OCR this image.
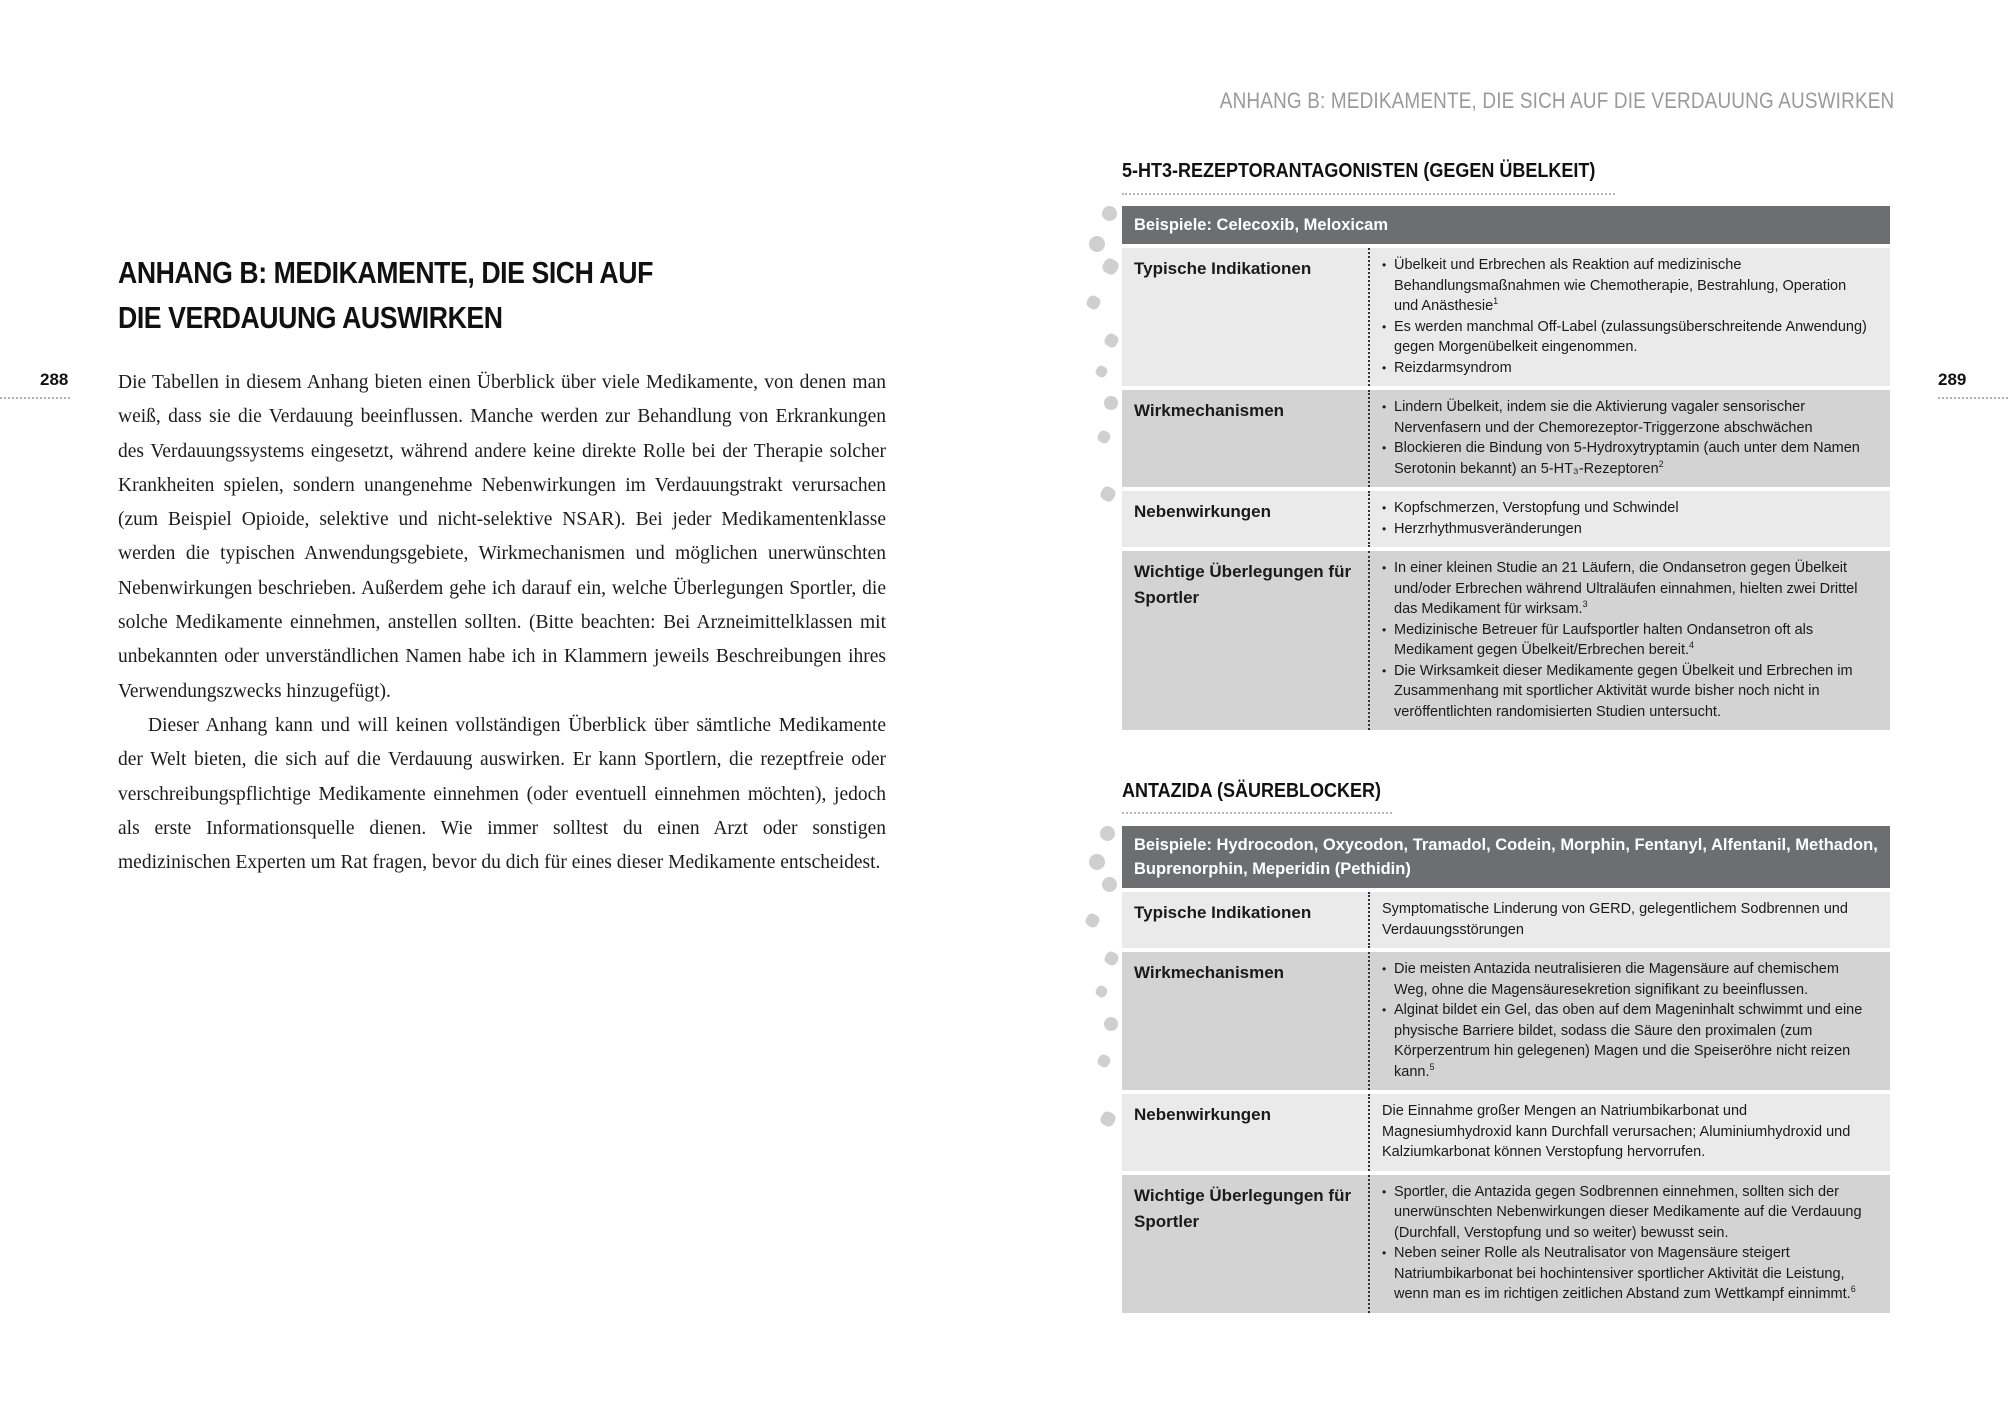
ANHANG B: MEDIKAMENTE, DIE SICH AUF
DIE VERDAUUNG AUSWIRKEN
288	Die Tabellen in diesem Anhang bieten einen Überblick über viele Medikamente, von denen man weiß, dass sie die Verdauung beeinflussen. Manche werden zur Behandlung von Erkrankungen des Verdauungssystems eingesetzt, während andere keine direkte Rolle bei der Therapie solcher Krankheiten spielen, sondern unangenehme Nebenwirkungen im Verdauungstrakt verursachen (zum Beispiel Opioide, selektive und nicht-selektive NSAR). Bei jeder Medikamentenklasse werden die typischen Anwendungsgebiete, Wirkmechanismen und möglichen unerwünschten Nebenwirkungen beschrieben. Außerdem gehe ich darauf ein, welche Überlegungen Sportler, die solche Medikamente einnehmen, anstellen sollten. (Bitte beachten: Bei Arzneimittelklassen mit unbekannten oder unverständlichen Namen habe ich in Klammern jeweils Beschreibungen ihres Verwendungszwecks hinzugefügt).

Dieser Anhang kann und will keinen vollständigen Überblick über sämtliche Medikamente der Welt bieten, die sich auf die Verdauung auswirken. Er kann Sportlern, die rezeptfreie oder verschreibungspflichtige Medikamente einnehmen (oder eventuell einnehmen möchten), jedoch als erste Informationsquelle dienen. Wie immer solltest du einen Arzt oder sonstigen medizinischen Experten um Rat fragen, bevor du dich für eines dieser Medikamente entscheidest.

ANHANG B: MEDIKAMENTE, DIE SICH AUF DIE VERDAUUNG AUSWIRKEN
289
5-HT3-REZEPTORANTAGONISTEN (GEGEN ÜBELKEIT)
Beispiele: Celecoxib, Meloxicam
Typische Indikationen	• Übelkeit und Erbrechen als Reaktion auf medizinische Behandlungsmaßnahmen wie Chemotherapie, Bestrahlung, Operation und Anästhesie$^1$
• Es werden manchmal Off-Label (zulassungsüberschreitende Anwendung) gegen Morgenübelkeit eingenommen.
• Reizdarmsyndrom
Wirkmechanismen	• Lindern Übelkeit, indem sie die Aktivierung vagaler sensorischer Nervenfasern und der Chemorezeptor-Triggerzone abschwächen
• Blockieren die Bindung von 5-Hydroxytryptamin (auch unter dem Namen Serotonin bekannt) an 5-HT₃-Rezeptoren$^2$
Nebenwirkungen	• Kopfschmerzen, Verstopfung und Schwindel
• Herzrhythmusveränderungen
Wichtige Überlegungen für Sportler
• In einer kleinen Studie an 21 Läufern, die Ondansetron gegen Übelkeit und/oder Erbrechen während Ultraläufen einnahmen, hielten zwei Drittel das Medikament für wirksam.$^3$
• Medizinische Betreuer für Laufsportler halten Ondansetron oft als Medikament gegen Übelkeit/Erbrechen bereit.$^4$
• Die Wirksamkeit dieser Medikamente gegen Übelkeit und Erbrechen im Zusammenhang mit sportlicher Aktivität wurde bisher noch nicht in veröffentlichten randomisierten Studien untersucht.
ANTAZIDA (SÄUREBLOCKER)
Beispiele: Hydrocodon, Oxycodon, Tramadol, Codein, Morphin, Fentanyl, Alfentanil, Methadon, Buprenorphin, Meperidin (Pethidin)
Typische Indikationen	Symptomatische Linderung von GERD, gelegentlichem Sodbrennen und Verdauungsstörungen
Wirkmechanismen	• Die meisten Antazida neutralisieren die Magensäure auf chemischem Weg, ohne die Magensäuresekretion signifikant zu beeinflussen.
• Alginat bildet ein Gel, das oben auf dem Mageninhalt schwimmt und eine physische Barriere bildet, sodass die Säure den proximalen (zum Körperzentrum hin gelegenen) Magen und die Speiseröhre nicht reizen kann.$^5$
Nebenwirkungen	Die Einnahme großer Mengen an Natriumbikarbonat und Magnesiumhydroxid kann Durchfall verursachen; Aluminiumhydroxid und Kalziumkarbonat können Verstopfung hervorrufen.
Wichtige Überlegungen für Sportler
• Sportler, die Antazida gegen Sodbrennen einnehmen, sollten sich der unerwünschten Nebenwirkungen dieser Medikamente auf die Verdauung (Durchfall, Verstopfung und so weiter) bewusst sein.
• Neben seiner Rolle als Neutralisator von Magensäure steigert Natriumbikarbonat bei hochintensiver sportlicher Aktivität die Leistung, wenn man es im richtigen zeitlichen Abstand zum Wettkampf einnimmt.$^6$
